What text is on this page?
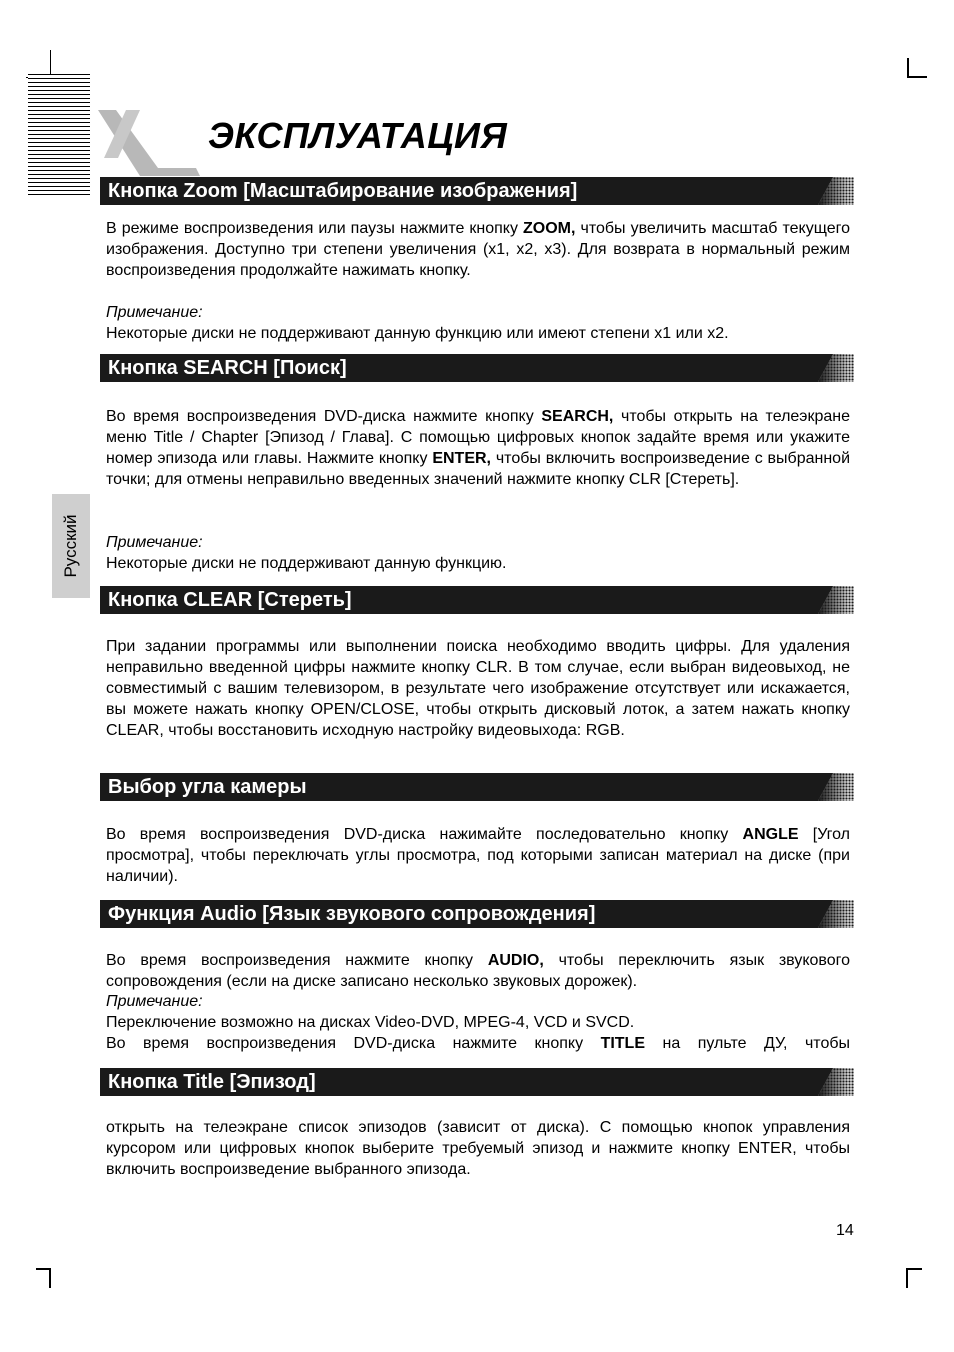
ЭКСПЛУАТАЦИЯ
Русский
Кнопка Zoom [Масштабирование изображения]

В режиме воспроизведения или паузы нажмите кнопку ZOOM, чтобы увеличить масштаб текущего изображения. Доступно три степени увеличения (x1, x2, x3). Для возврата в нормальный режим воспроизведения продолжайте нажимать кнопку.

Примечание:

Некоторые диски не поддерживают данную функцию или имеют степени x1 или x2.

Кнопка SEARCH [Поиск]

Во время воспроизведения DVD-диска нажмите кнопку SEARCH, чтобы открыть на телеэкране меню Title / Chapter [Эпизод / Глава]. С помощью цифровых кнопок задайте время или укажите номер эпизода или главы. Нажмите кнопку ENTER, чтобы включить воспроизведение с выбранной точки; для отмены неправильно введенных значений нажмите кнопку CLR [Стереть].

Примечание:

Некоторые диски не поддерживают данную функцию.

Кнопка CLEAR [Стереть]

При задании программы или выполнении поиска необходимо вводить цифры. Для удаления неправильно введенной цифры нажмите кнопку CLR. В том случае, если выбран видеовыход, не совместимый с вашим телевизором, в результате чего изображение отсутствует или искажается, вы можете нажать кнопку OPEN/CLOSE, чтобы открыть дисковый лоток, а затем нажать кнопку CLEAR, чтобы восстановить исходную настройку видеовыхода: RGB.

Выбор угла камеры

Во время воспроизведения DVD-диска нажимайте последовательно кнопку ANGLE [Угол просмотра], чтобы переключать углы просмотра, под которыми записан материал на диске (при наличии).

Функция Audio [Язык звукового сопровождения]

Во время воспроизведения нажмите кнопку AUDIO, чтобы переключить язык звукового сопровождения (если на диске записано несколько звуковых дорожек).

Примечание:

Переключение возможно на дисках Video-DVD, MPEG-4, VCD и SVCD.

Во время воспроизведения DVD-диска нажмите кнопку TITLE на пульте ДУ, чтобы

Кнопка Title [Эпизод]

открыть на телеэкране список эпизодов (зависит от диска). С помощью кнопок управления курсором или цифровых кнопок выберите требуемый эпизод и нажмите кнопку ENTER, чтобы включить воспроизведение выбранного эпизода.

14
